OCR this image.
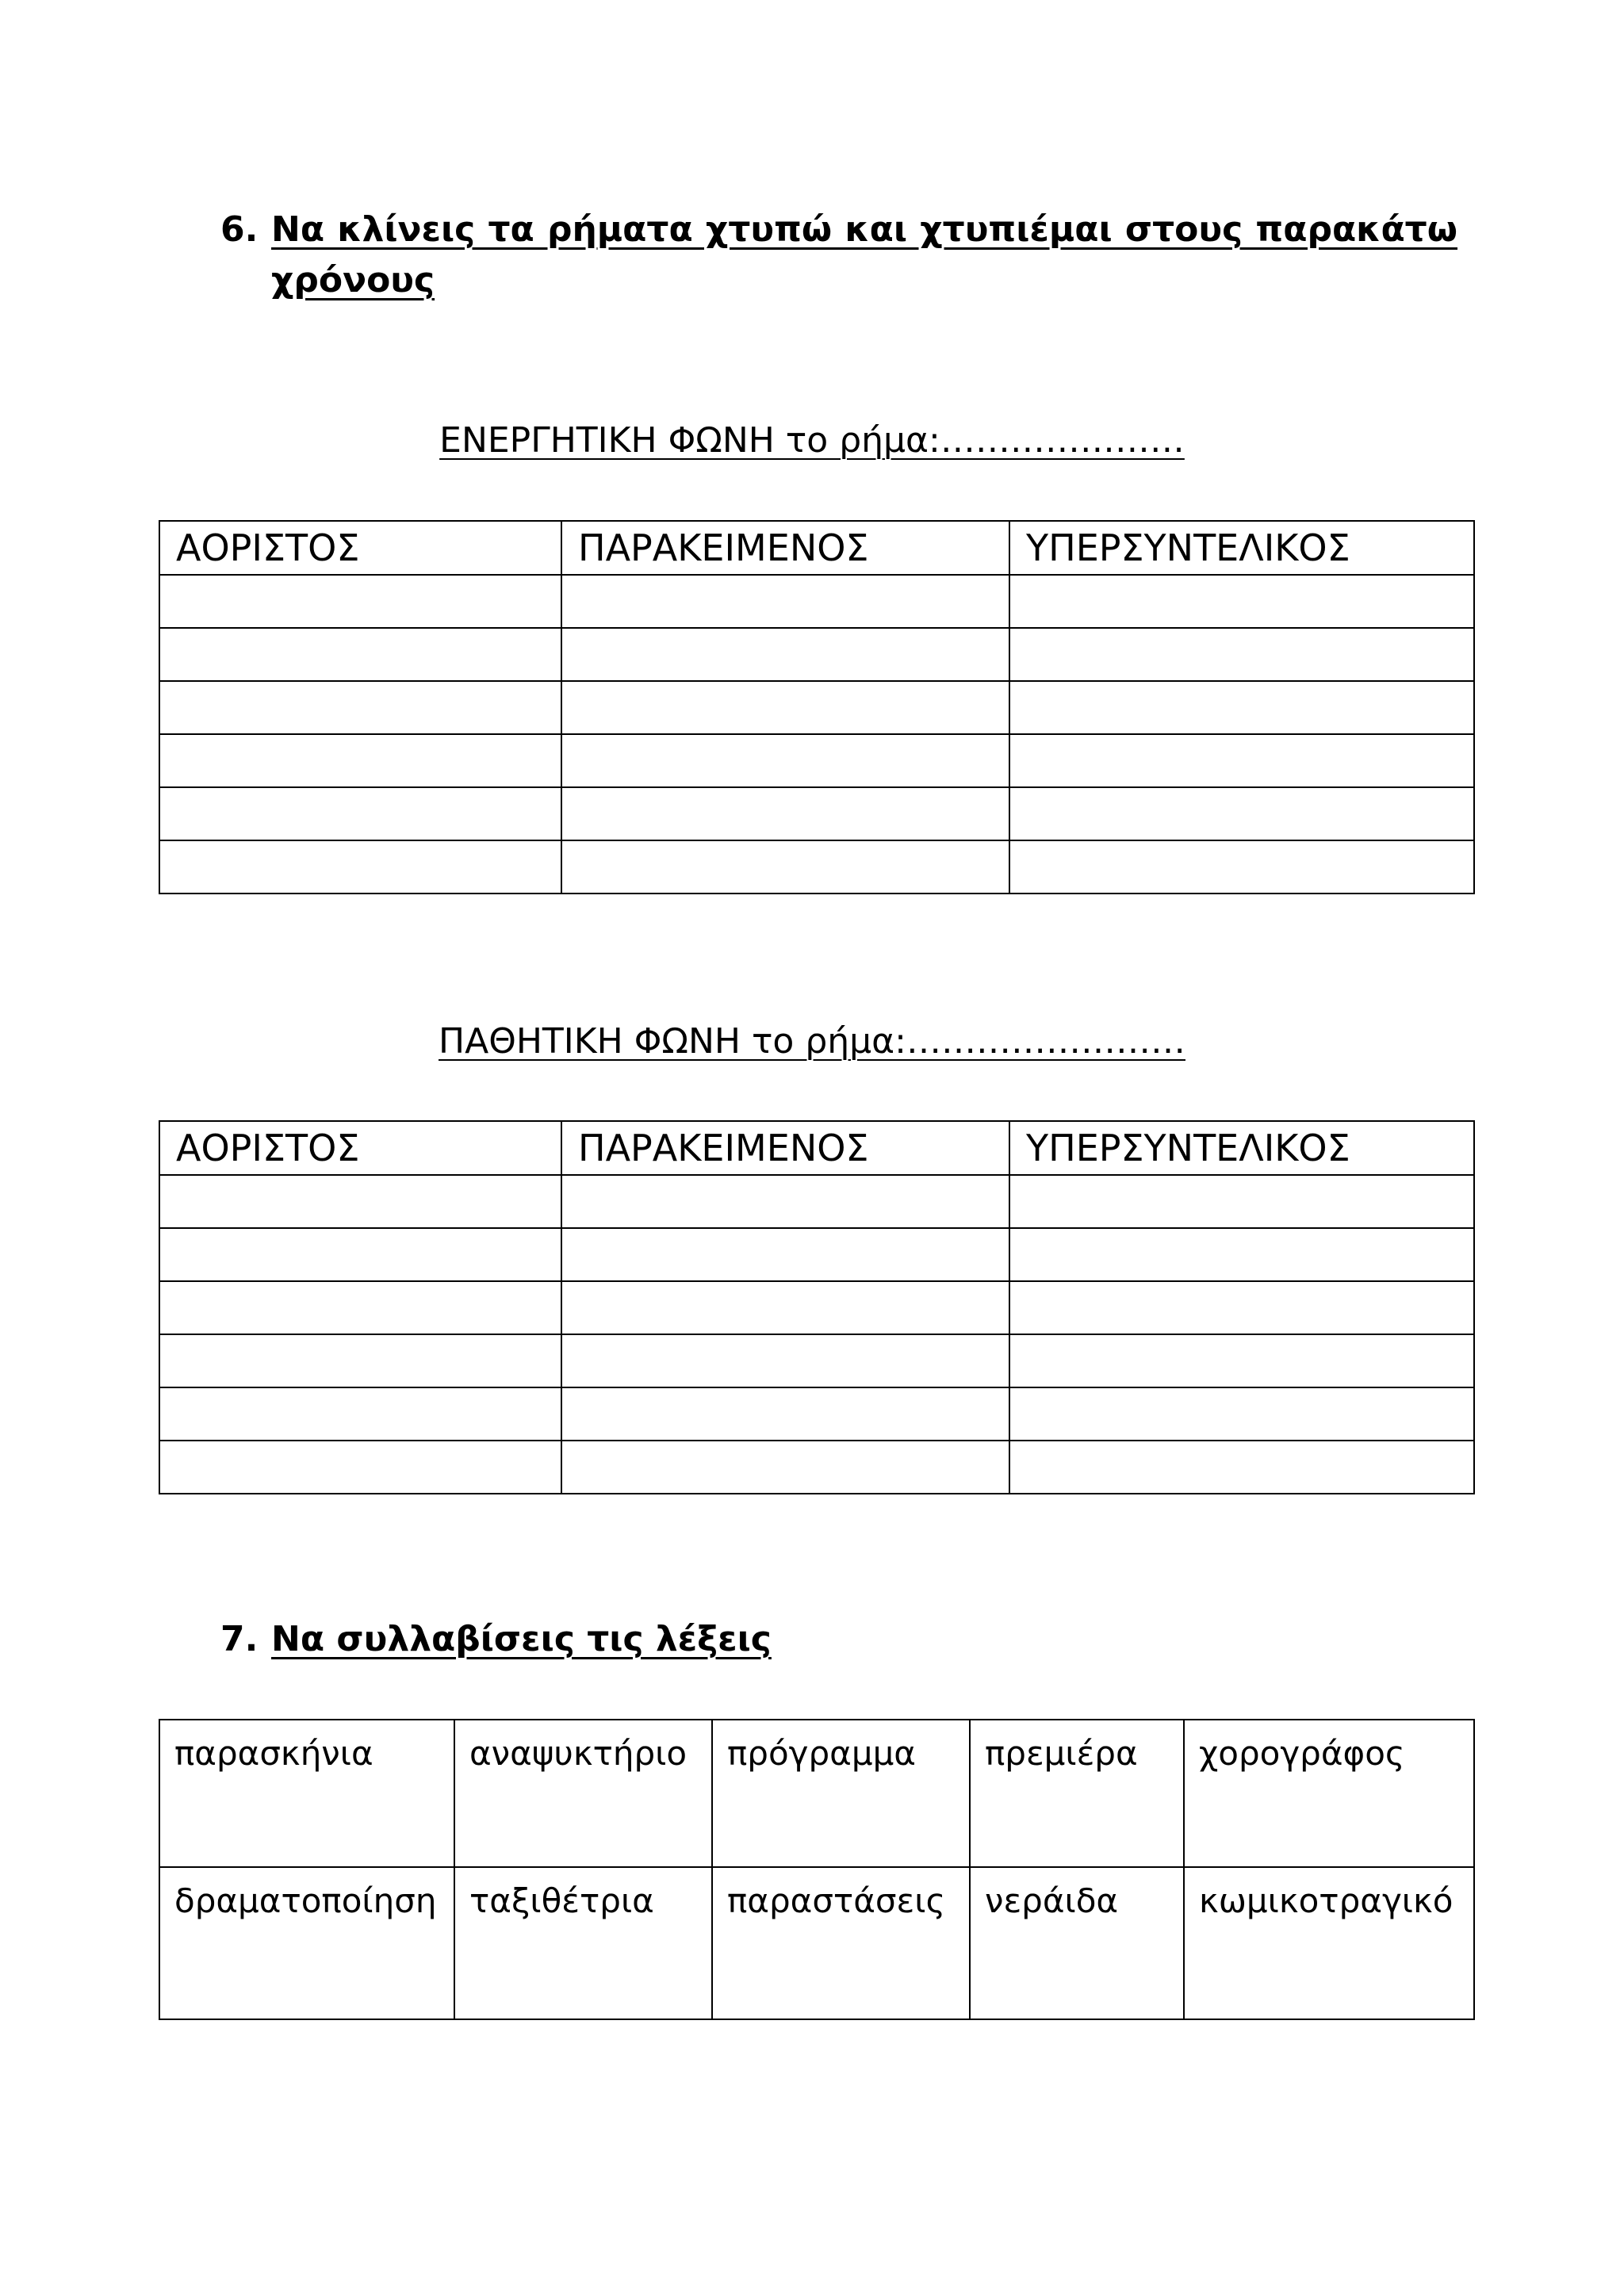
6. Να κλίνεις τα ρήματα χτυπώ και χτυπιέμαι στους παρακάτω χρόνους
ΕΝΕΡΓΗΤΙΚΗ ΦΩΝΗ το ρήμα:…………………
ΑΟΡΙΣΤΟΣ	ΠΑΡΑΚΕΙΜΕΝΟΣ	ΥΠΕΡΣΥΝΤΕΛΙΚΟΣ

ΠΑΘΗΤΙΚΗ ΦΩΝΗ το ρήμα:……………………
ΑΟΡΙΣΤΟΣ	ΠΑΡΑΚΕΙΜΕΝΟΣ	ΥΠΕΡΣΥΝΤΕΛΙΚΟΣ

7. Να συλλαβίσεις τις λέξεις
παρασκήνια	αναψυκτήριο	πρόγραμμα	πρεμιέρα	χορογράφος
δραματοποίηση	ταξιθέτρια	παραστάσεις	νεράιδα	κωμικοτραγικό
